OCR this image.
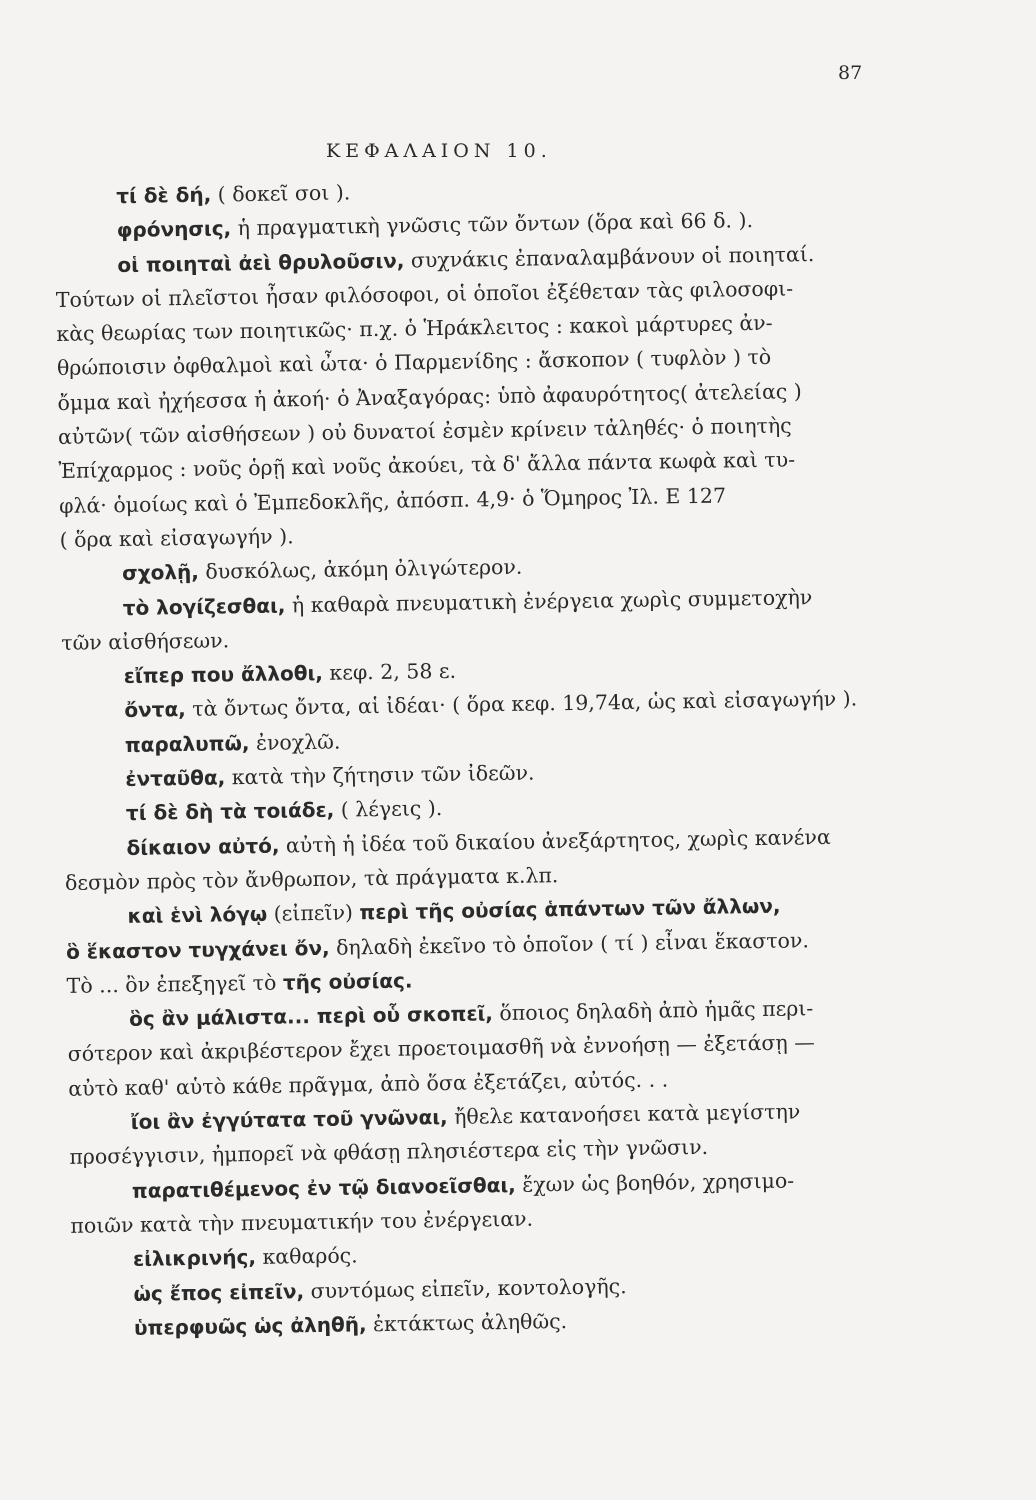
87
ΚΕΦΑΛΑΙΟΝ 10.
τί δὲ δή, ( δοκεῖ σοι ).
φρόνησις, ἡ πραγματικὴ γνῶσις τῶν ὄντων (ὅρα καὶ 66 δ. ).
οἱ ποιηταὶ ἀεὶ θρυλοῦσιν, συχνάκις ἐπαναλαμβάνουν οἱ ποιηταί.
Τούτων οἱ πλεῖστοι ἦσαν φιλόσοφοι, οἱ ὁποῖοι ἐξέθεταν τὰς φιλοσοφι-
κὰς θεωρίας των ποιητικῶς· π.χ. ὁ Ἡράκλειτος : κακοὶ μάρτυρες ἀν-
θρώποισιν ὀφθαλμοὶ καὶ ὦτα· ὁ Παρμενίδης : ἄσκοπον ( τυφλὸν ) τὸ
ὄμμα καὶ ἠχήεσσα ἡ ἀκοή· ὁ Ἀναξαγόρας: ὑπὸ ἀφαυρότητος( ἀτελείας )
αὐτῶν( τῶν αἰσθήσεων ) οὐ δυνατοί ἐσμὲν κρίνειν τἀληθές· ὁ ποιητὴς
Ἐπίχαρμος : νοῦς ὁρῇ καὶ νοῦς ἀκούει, τὰ δ' ἄλλα πάντα κωφὰ καὶ τυ-
φλά· ὁμοίως καὶ ὁ Ἐμπεδοκλῆς, ἀπόσπ. 4,9· ὁ Ὅμηρος Ἰλ. Ε 127
( ὅρα καὶ εἰσαγωγήν ).
σχολῇ, δυσκόλως, ἀκόμη ὀλιγώτερον.
τὸ λογίζεσθαι, ἡ καθαρὰ πνευματικὴ ἐνέργεια χωρὶς συμμετοχὴν
τῶν αἰσθήσεων.
εἴπερ που ἄλλοθι, κεφ. 2, 58 ε.
ὄντα, τὰ ὄντως ὄντα, αἱ ἰδέαι· ( ὅρα κεφ. 19,74α, ὡς καὶ εἰσαγωγήν ).
παραλυπῶ, ἐνοχλῶ.
ἐνταῦθα, κατὰ τὴν ζήτησιν τῶν ἰδεῶν.
τί δὲ δὴ τὰ τοιάδε, ( λέγεις ).
δίκαιον αὐτό, αὐτὴ ἡ ἰδέα τοῦ δικαίου ἀνεξάρτητος, χωρὶς κανένα
δεσμὸν πρὸς τὸν ἄνθρωπον, τὰ πράγματα κ.λπ.
καὶ ἑνὶ λόγῳ (εἰπεῖν) περὶ τῆς οὐσίας ἁπάντων τῶν ἄλλων,
ὃ ἕκαστον τυγχάνει ὄν, δηλαδὴ ἐκεῖνο τὸ ὁποῖον ( τί ) εἶναι ἕκαστον.
Τὸ ... ὂν ἐπεξηγεῖ τὸ τῆς οὐσίας.
ὃς ἂν μάλιστα... περὶ οὗ σκοπεῖ, ὅποιος δηλαδὴ ἀπὸ ἡμᾶς περι-
σότερον καὶ ἀκριβέστερον ἔχει προετοιμασθῆ νὰ ἐννοήσῃ — ἐξετάσῃ —
αὐτὸ καθ' αὑτὸ κάθε πρᾶγμα, ἀπὸ ὅσα ἐξετάζει, αὐτός. . .
ἴοι ἂν ἐγγύτατα τοῦ γνῶναι, ἤθελε κατανοήσει κατὰ μεγίστην
προσέγγισιν, ἠμπορεῖ νὰ φθάσῃ πλησιέστερα εἰς τὴν γνῶσιν.
παρατιθέμενος ἐν τῷ διανοεῖσθαι, ἔχων ὡς βοηθόν, χρησιμο-
ποιῶν κατὰ τὴν πνευματικήν του ἐνέργειαν.
εἰλικρινής, καθαρός.
ὡς ἔπος εἰπεῖν, συντόμως εἰπεῖν, κοντολογῆς.
ὑπερφυῶς ὡς ἀληθῆ, ἐκτάκτως ἀληθῶς.
